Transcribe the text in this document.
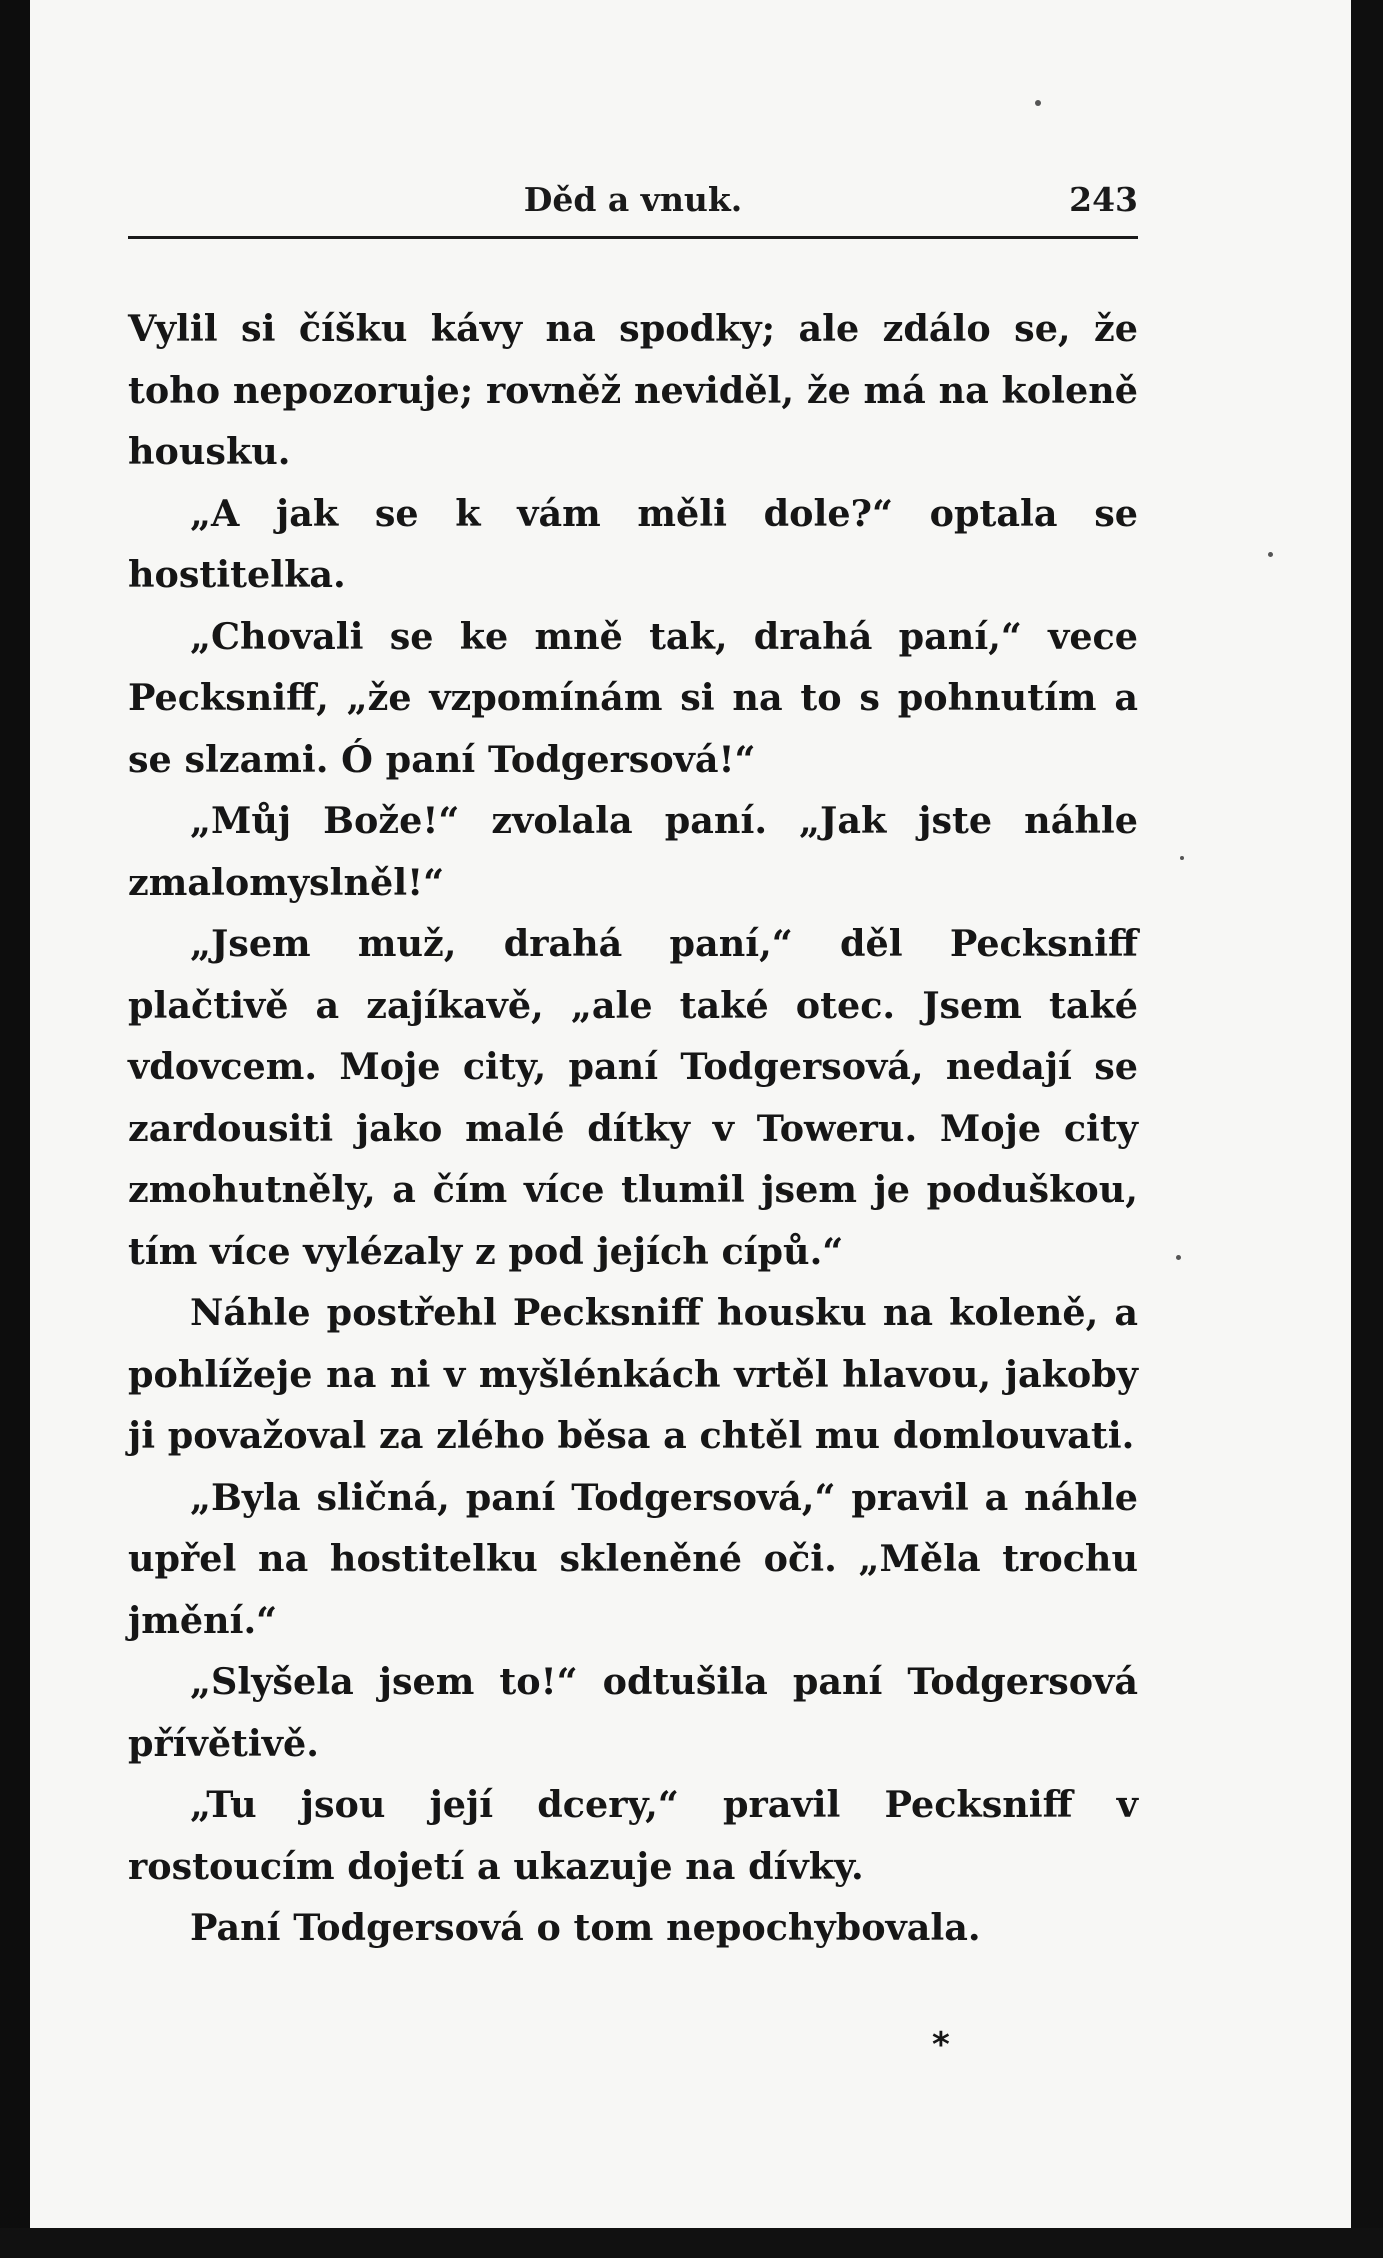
Děd a vnuk.	243

Vylil si číšku kávy na spodky; ale zdálo se, že toho nepozoruje; rovněž neviděl, že má na koleně housku.

„A jak se k vám měli dole?“ optala se hostitelka.

„Chovali se ke mně tak, drahá paní,“ vece Pecksniff, „že vzpomínám si na to s pohnutím a se slzami. Ó paní Todgersová!“

„Můj Bože!“ zvolala paní. „Jak jste náhle zmalomyslněl!“

„Jsem muž, drahá paní,“ děl Pecksniff plačtivě a zajíkavě, „ale také otec. Jsem také vdovcem. Moje city, paní Todgersová, nedají se zardousiti jako malé dítky v Toweru. Moje city zmohutněly, a čím více tlumil jsem je poduškou, tím více vylézaly z pod jejích cípů.“

Náhle postřehl Pecksniff housku na koleně, a pohlížeje na ni v myšlénkách vrtěl hlavou, jakoby ji považoval za zlého běsa a chtěl mu domlouvati.

„Byla sličná, paní Todgersová,“ pravil a náhle upřel na hostitelku skleněné oči. „Měla trochu jmění.“

„Slyšela jsem to!“ odtušila paní Todgersová přívětivě.

„Tu jsou její dcery,“ pravil Pecksniff v rostoucím dojetí a ukazuje na dívky.

Paní Todgersová o tom nepochybovala.

*
